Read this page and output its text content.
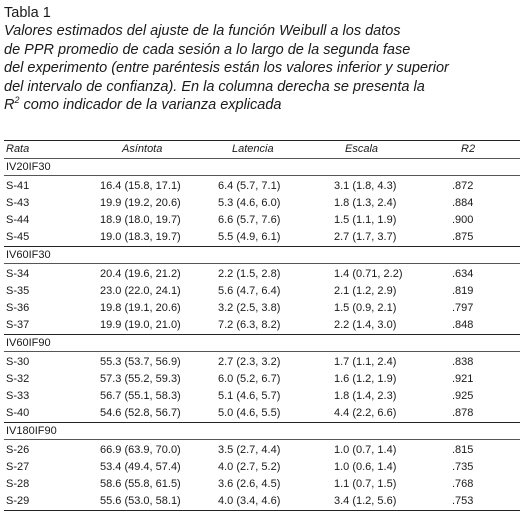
Tabla 1
Valores estimados del ajuste de la función Weibull a los datos
de PPR promedio de cada sesión a lo largo de la segunda fase
del experimento (entre paréntesis están los valores inferior y superior
del intervalo de confianza). En la columna derecha se presenta la
$R^2$ como indicador de la varianza explicada
Rata	Asíntota	Latencia	Escala	R2
IV20IF30
S-41	16.4 (15.8, 17.1)	6.4 (5.7, 7.1)	3.1 (1.8, 4.3)	.872
S-43	19.9 (19.2, 20.6)	5.3 (4.6, 6.0)	1.8 (1.3, 2.4)	.884
S-44	18.9 (18.0, 19.7)	6.6 (5.7, 7.6)	1.5 (1.1, 1.9)	.900
S-45	19.0 (18.3, 19.7)	5.5 (4.9, 6.1)	2.7 (1.7, 3.7)	.875
IV60IF30
S-34	20.4 (19.6, 21.2)	2.2 (1.5, 2.8)	1.4 (0.71, 2.2)	.634
S-35	23.0 (22.0, 24.1)	5.6 (4.7, 6.4)	2.1 (1.2, 2.9)	.819
S-36	19.8 (19.1, 20.6)	3.2 (2.5, 3.8)	1.5 (0.9, 2.1)	.797
S-37	19.9 (19.0, 21.0)	7.2 (6.3, 8.2)	2.2 (1.4, 3.0)	.848
IV60IF90
S-30	55.3 (53.7, 56.9)	2.7 (2.3, 3.2)	1.7 (1.1, 2.4)	.838
S-32	57.3 (55.2, 59.3)	6.0 (5.2, 6.7)	1.6 (1.2, 1.9)	.921
S-33	56.7 (55.1, 58.3)	5.1 (4.6, 5.7)	1.8 (1.4, 2.3)	.925
S-40	54.6 (52.8, 56.7)	5.0 (4.6, 5.5)	4.4 (2.2, 6.6)	.878
IV180IF90
S-26	66.9 (63.9, 70.0)	3.5 (2.7, 4.4)	1.0 (0.7, 1.4)	.815
S-27	53.4 (49.4, 57.4)	4.0 (2.7, 5.2)	1.0 (0.6, 1.4)	.735
S-28	58.6 (55.8, 61.5)	3.6 (2.6, 4.5)	1.1 (0.7, 1.5)	.768
S-29	55.6 (53.0, 58.1)	4.0 (3.4, 4.6)	3.4 (1.2, 5.6)	.753
